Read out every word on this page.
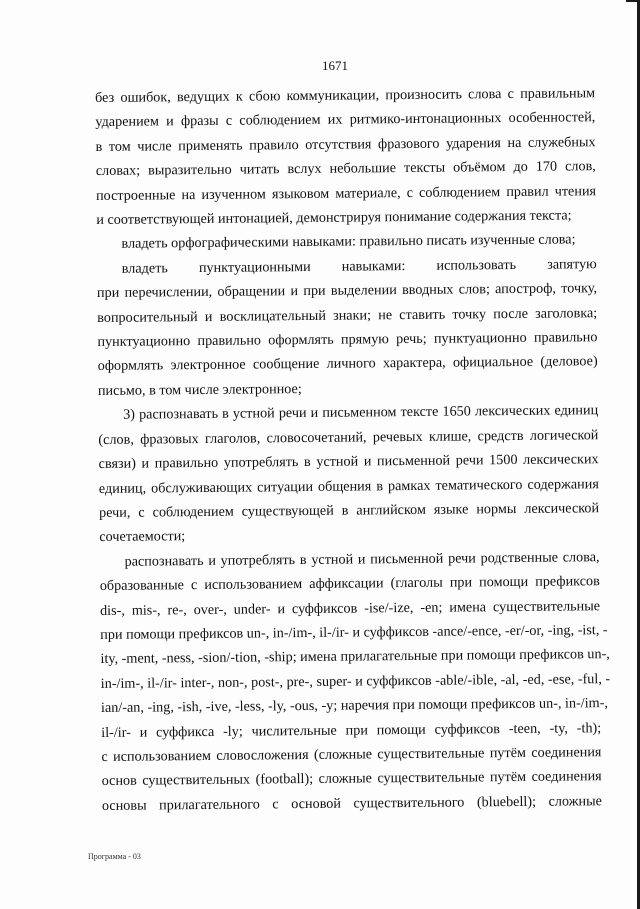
1671
без ошибок, ведущих к сбою коммуникации, произносить слова с правильным
ударением и фразы с соблюдением их ритмико-интонационных особенностей,
в том числе применять правило отсутствия фразового ударения на служебных
словах; выразительно читать вслух небольшие тексты объёмом до 170 слов,
построенные на изученном языковом материале, с соблюдением правил чтения
и соответствующей интонацией, демонстрируя понимание содержания текста;
владеть орфографическими навыками: правильно писать изученные слова;
владеть пунктуационными навыками: использовать запятую
при перечислении, обращении и при выделении вводных слов; апостроф, точку,
вопросительный и восклицательный знаки; не ставить точку после заголовка;
пунктуационно правильно оформлять прямую речь; пунктуационно правильно
оформлять электронное сообщение личного характера, официальное (деловое)
письмо, в том числе электронное;
3) распознавать в устной речи и письменном тексте 1650 лексических единиц
(слов, фразовых глаголов, словосочетаний, речевых клише, средств логической
связи) и правильно употреблять в устной и письменной речи 1500 лексических
единиц, обслуживающих ситуации общения в рамках тематического содержания
речи, с соблюдением существующей в английском языке нормы лексической
сочетаемости;
распознавать и употреблять в устной и письменной речи родственные слова,
образованные с использованием аффиксации (глаголы при помощи префиксов
dis-, mis-, re-, over-, under- и суффиксов -ise/-ize, -en; имена существительные
при помощи префиксов un-, in-/im-, il-/ir- и суффиксов -ance/-ence, -er/-or, -ing, -ist, -
ity, -ment, -ness, -sion/-tion, -ship; имена прилагательные при помощи префиксов un-,
in-/im-, il-/ir- inter-, non-, post-, pre-, super- и суффиксов -able/-ible, -al, -ed, -ese, -ful, -
ian/-an, -ing, -ish, -ive, -less, -ly, -ous, -y; наречия при помощи префиксов un-, in-/im-,
il-/ir- и суффикса -ly; числительные при помощи суффиксов -teen, -ty, -th);
с использованием словосложения (сложные существительные путём соединения
основ существительных (football); сложные существительные путём соединения
основы прилагательного с основой существительного (bluebell); сложные
Программа - 03
